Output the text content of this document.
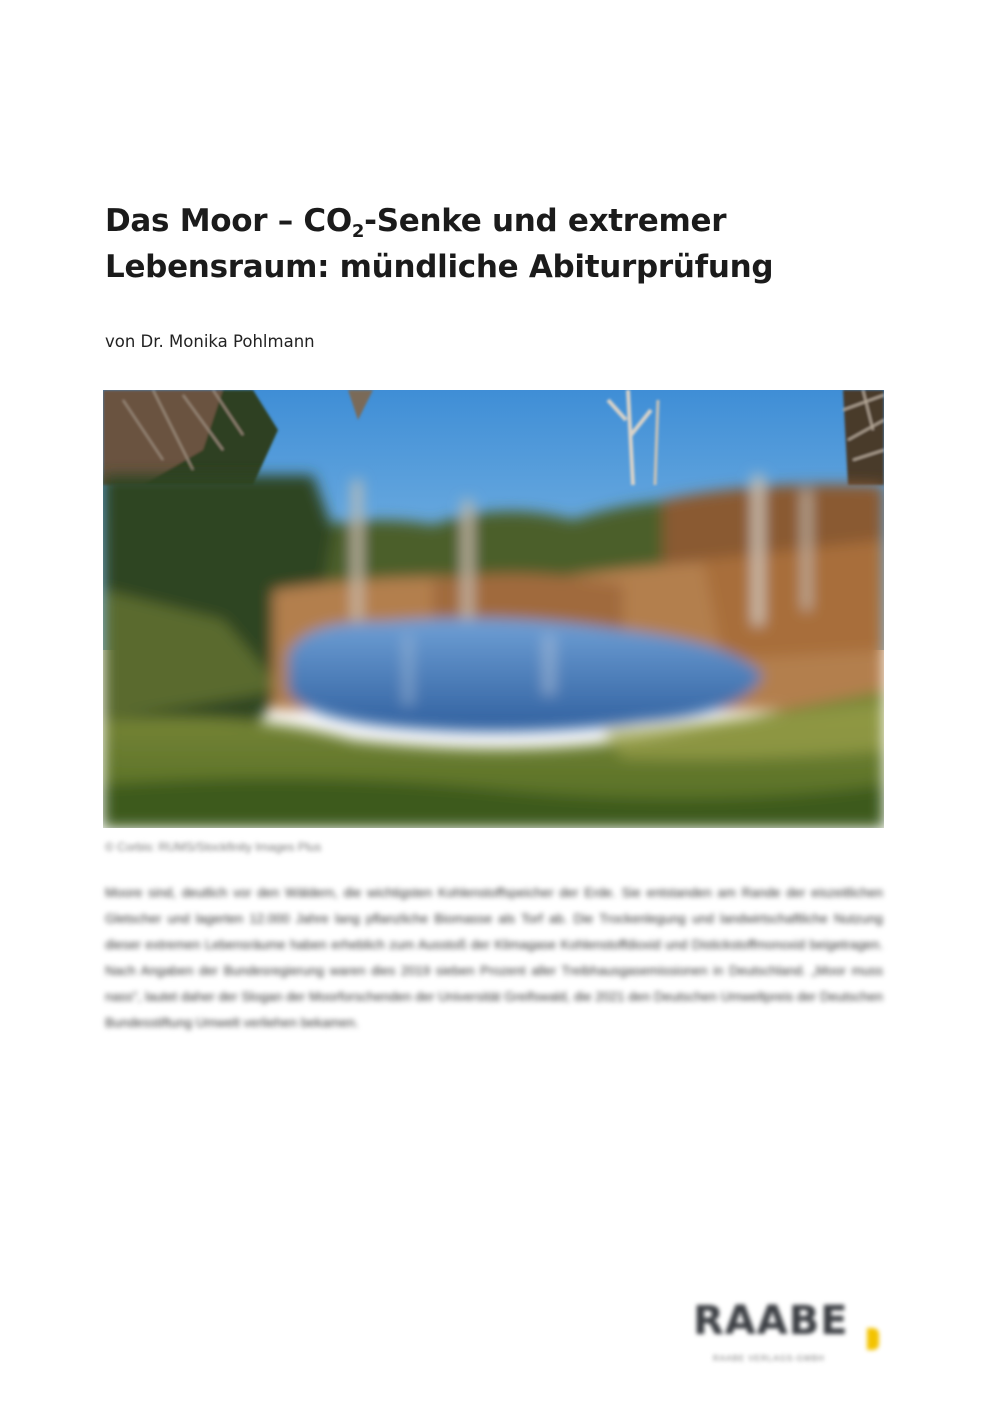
Das Moor – $CO_2$-Senke und extremer
Lebensraum: mündliche Abiturprüfung

von Dr. Monika Pohlmann

© Corbis: RUMS/Stockfinity Images Plus

Moore sind, deutlich vor den Wäldern, die wichtigsten Kohlenstoffspeicher der Erde. Sie entstanden am Rande der eiszeitlichen Gletscher und lagerten 12.000 Jahre lang pflanzliche Biomasse als Torf ab. Die Trockenlegung und landwirtschaftliche Nutzung dieser extremen Lebensräume haben erheblich zum Ausstoß der Klimagase Kohlenstoffdioxid und Distickstoffmonoxid beigetragen. Nach Angaben der Bundesregierung waren dies 2019 sieben Prozent aller Treibhausgasemissionen in Deutschland. „Moor muss nass", lautet daher der Slogan der Moorforschenden der Universität Greifswald, die 2021 den Deutschen Umweltpreis der Deutschen Bundesstiftung Umwelt verliehen bekamen.

RAABE

RAABE VERLAGS-GMBH
